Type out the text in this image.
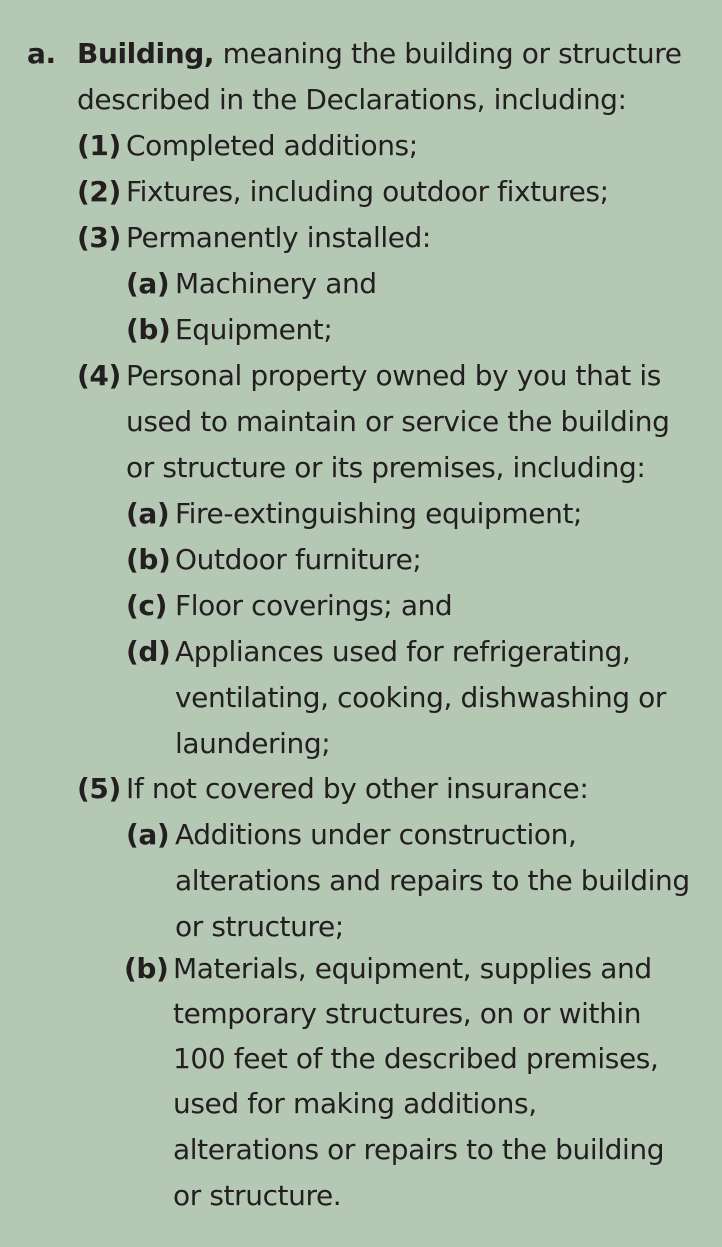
a. Building, meaning the building or structure
described in the Declarations, including:
(1) Completed additions;
(2) Fixtures, including outdoor fixtures;
(3) Permanently installed:
(a) Machinery and
(b) Equipment;
(4) Personal property owned by you that is
used to maintain or service the building
or structure or its premises, including:
(a) Fire-extinguishing equipment;
(b) Outdoor furniture;
(c) Floor coverings; and
(d) Appliances used for refrigerating,
ventilating, cooking, dishwashing or
laundering;
(5) If not covered by other insurance:
(a) Additions under construction,
alterations and repairs to the building
or structure;
(b) Materials, equipment, supplies and
temporary structures, on or within
100 feet of the described premises,
used for making additions,
alterations or repairs to the building
or structure.
